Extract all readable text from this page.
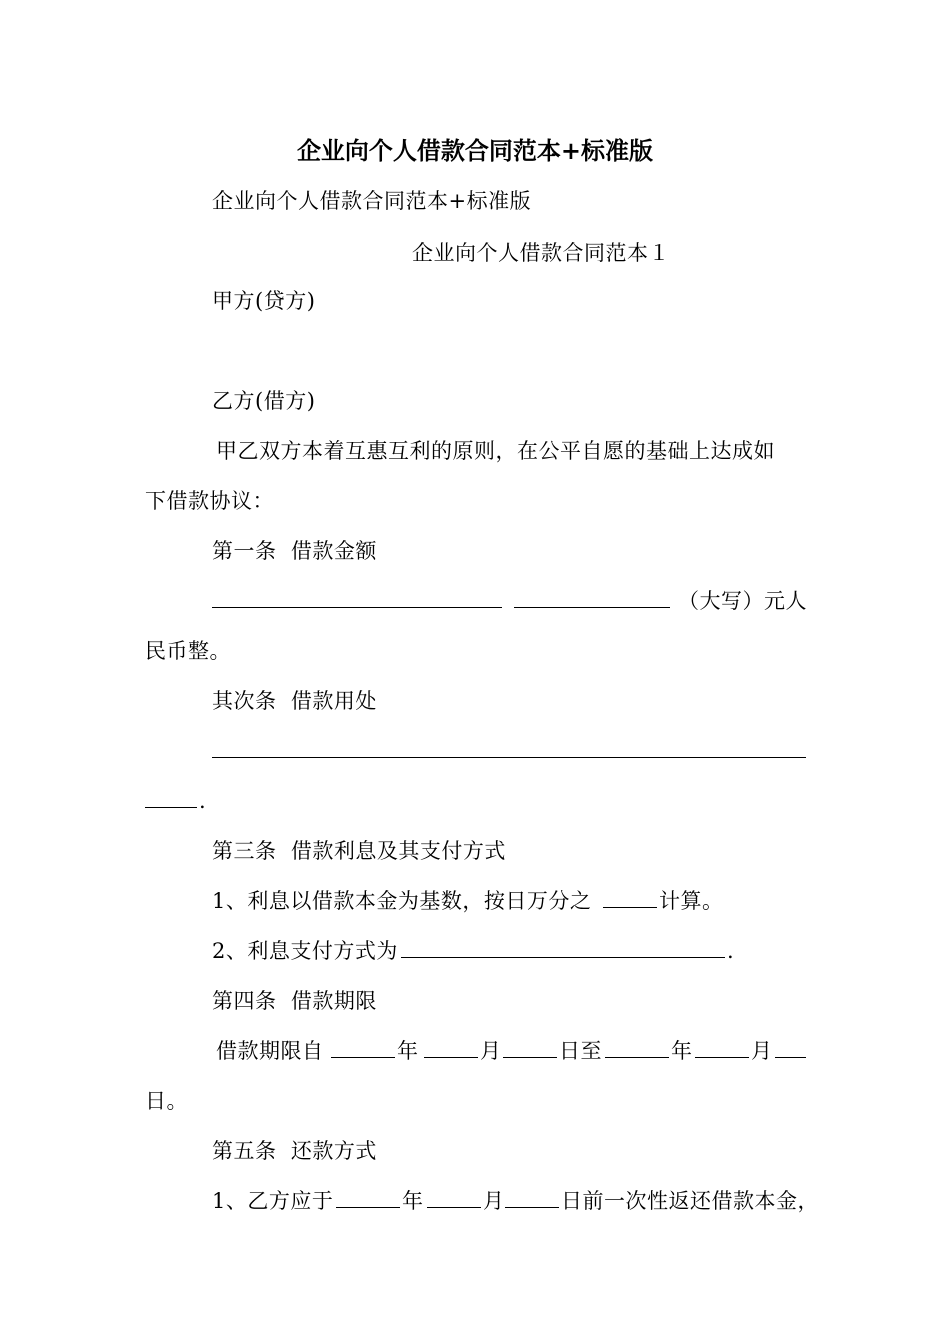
企业向个人借款合同范本+标准版
企业向个人借款合同范本+标准版
企业向个人借款合同范本１
甲方(贷方)
乙方(借方)
甲乙双方本着互惠互利的原则，在公平自愿的基础上达成如
下借款协议：
第一条  借款金额
（大写）元人
民币整。
其次条  借款用处
.
第三条  借款利息及其支付方式
1、利息以借款本金为基数，按日万分之	计算。
2、利息支付方式为	.
第四条  借款期限
借款期限自	年	月	日至	年	月
日。
第五条  还款方式
1、乙方应于	年	月	日前一次性返还借款本金，
